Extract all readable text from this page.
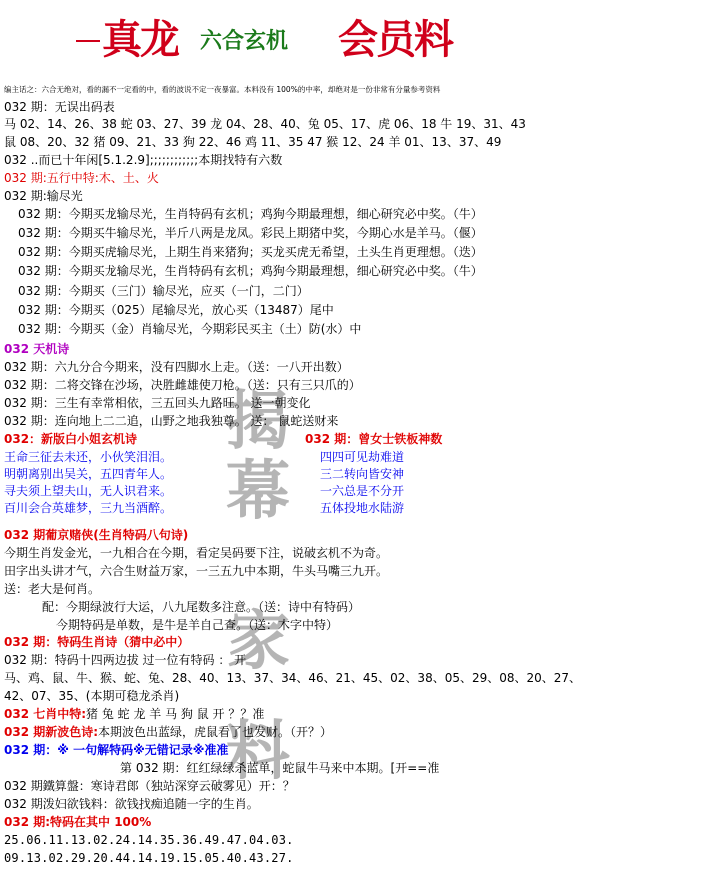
真龙 六合玄机 会员料
编主话之：六合无绝对，看的漏不一定看的中，看的波说不定一夜暴富。本料没有 100%的中率，却绝对是一份非常有分量参考资料
揭
幕
家
料
032 期：无误出码表
马 02、14、26、38 蛇 03、27、39 龙 04、28、40、兔 05、17、虎 06、18 牛 19、31、43
鼠 08、20、32 猪 09、21、33 狗 22、46 鸡 11、35 47 猴 12、24 羊 01、13、37、49
032 ..而已十年闲[5.1.2.9];;;;;;;;;;;;本期找特有六数
032 期:五行中特:木、土、火
032 期:输尽光
032 期：今期买龙输尽光，生肖特码有玄机；鸡狗今期最理想，细心研究必中奖。（牛）
032 期：今期买牛输尽光，半斤八两是龙凤。彩民上期猪中奖，今期心水是羊马。（偃）
032 期：今期买虎输尽光，上期生肖来猪狗；买龙买虎无希望，土头生肖更理想。（迭）
032 期：今期买龙输尽光，生肖特码有玄机；鸡狗今期最理想，细心研究必中奖。（牛）
032 期：今期买（三门）输尽光，应买（一门，二门）
032 期：今期买（025）尾输尽光，放心买（13487）尾中
032 期：今期买（金）肖输尽光，今期彩民买主（土）防(水）中
032 天机诗
032 期：六九分合今期来，没有四脚水上走。（送：一八开出数）
032 期：二将交锋在沙场，决胜雌雄使刀枪。（送：只有三只爪的）
032 期：三生有幸常相依，三五回头九路旺。 送一朝变化
032 期：连向地上二二追，山野之地我独尊。 送： 鼠蛇送财来
032：新版白小姐玄机诗	032 期：曾女士铁板神数
王命三征去未还，小伙笑泪泪。
明朝离别出吴关，五四青年人。
寻夫须上望夫山，无人识君来。
百川会合英雄梦，三九当酒醉。
四四可见劫难道
三二转向皆安神
一六总是不分开
五体投地水陆游
032 期葡京赌侠(生肖特码八句诗)
今期生肖发金光，一九相合在今期，看定吴码要下注，说破玄机不为奇。
田字出头讲才气，六合生财益万家，一三五九中本期，牛头马嘴三九开。
送：老大是何肖。
配：今期绿波行大运，八九尾数多注意。（送：诗中有特码）
今期特码是单数，是牛是羊自己查。（送：木字中特）
032 期：特码生肖诗（猜中必中）
032 期：特码十四两边拔 过一位有特码 ： 开
马、鸡、鼠、牛、猴、蛇、兔、28、40、13、37、34、46、21、45、02、38、05、29、08、20、27、
42、07、35、(本期可稳龙杀肖)
032 七肖中特:猪 兔 蛇 龙 羊 马 狗 鼠 开 ？？准
032 期新波色诗:本期波色出蓝绿，虎鼠看了也发财。（开？）
032 期：※ 一句解特码※无错记录※准准
第 032 期：红红绿绿杀蓝单，蛇鼠牛马来中本期。[开==准
032 期鐵算盤：寒诗君郎（独站深穿云破雾见）开：？
032 期泼妇欲钱料：欲钱找痴追随一字的生肖。
032 期:特码在其中 100%
25.06.11.13.02.24.14.35.36.49.47.04.03.
09.13.02.29.20.44.14.19.15.05.40.43.27.
